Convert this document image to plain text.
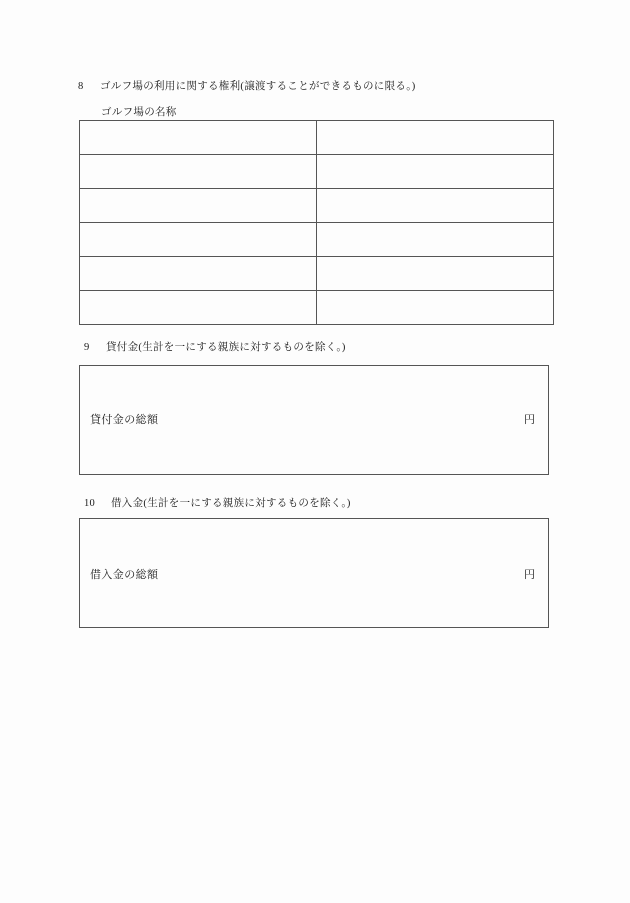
8 ゴルフ場の利用に関する権利(譲渡することができるものに限る。)
ゴルフ場の名称

9 貸付金(生計を一にする親族に対するものを除く。)
貸付金の総額	円
10 借入金(生計を一にする親族に対するものを除く。)
借入金の総額	円
